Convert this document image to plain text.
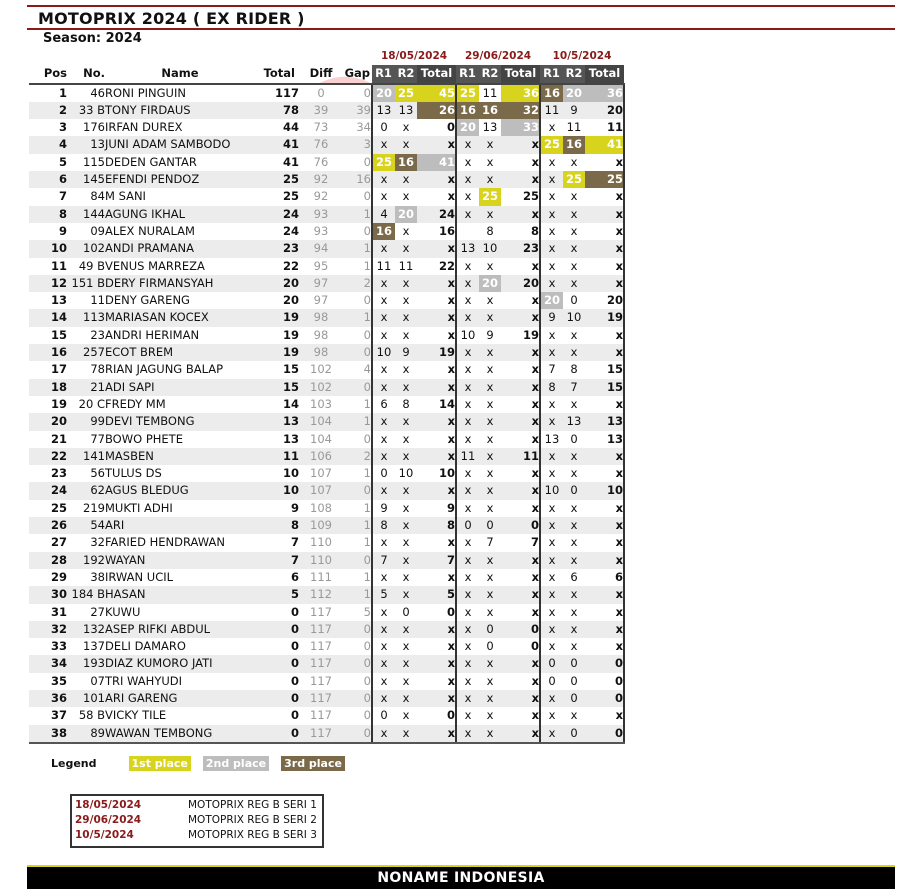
MOTOPRIX 2024 ( EX RIDER )
Season: 2024
						18/05/2024			29/06/2024			10/5/2024		
Pos	No.	Name	Total	Diff	Gap	R1	R2	Total	R1	R2	Total	R1	R2	Total
1	46	RONI PINGUIN	117	0	0	20	25	45	25	11	36	16	20	36
2	33 B	TONY FIRDAUS	78	39	39	13	13	26	16	16	32	11	9	20
3	176	IRFAN DUREX	44	73	34	0	x	0	20	13	33	x	11	11
4	13	JUNI ADAM SAMBODO	41	76	3	x	x	x	x	x	x	25	16	41
5	115	DEDEN GANTAR	41	76	0	25	16	41	x	x	x	x	x	x
6	145	EFENDI PENDOZ	25	92	16	x	x	x	x	x	x	x	25	25
7	84	M SANI	25	92	0	x	x	x	x	25	25	x	x	x
8	144	AGUNG IKHAL	24	93	1	4	20	24	x	x	x	x	x	x
9	09	ALEX NURALAM	24	93	0	16	x	16		8	8	x	x	x
10	102	ANDI PRAMANA	23	94	1	x	x	x	13	10	23	x	x	x
11	49 B	VENUS MARREZA	22	95	1	11	11	22	x	x	x	x	x	x
12	151 B	DERY FIRMANSYAH	20	97	2	x	x	x	x	20	20	x	x	x
13	11	DENY GARENG	20	97	0	x	x	x	x	x	x	20	0	20
14	113	MARIASAN KOCEX	19	98	1	x	x	x	x	x	x	9	10	19
15	23	ANDRI HERIMAN	19	98	0	x	x	x	10	9	19	x	x	x
16	257	ECOT BREM	19	98	0	10	9	19	x	x	x	x	x	x
17	78	RIAN JAGUNG BALAP	15	102	4	x	x	x	x	x	x	7	8	15
18	21	ADI SAPI	15	102	0	x	x	x	x	x	x	8	7	15
19	20 C	FREDY MM	14	103	1	6	8	14	x	x	x	x	x	x
20	99	DEVI TEMBONG	13	104	1	x	x	x	x	x	x	x	13	13
21	77	BOWO PHETE	13	104	0	x	x	x	x	x	x	13	0	13
22	141	MASBEN	11	106	2	x	x	x	11	x	11	x	x	x
23	56	TULUS DS	10	107	1	0	10	10	x	x	x	x	x	x
24	62	AGUS BLEDUG	10	107	0	x	x	x	x	x	x	10	0	10
25	219	MUKTI ADHI	9	108	1	9	x	9	x	x	x	x	x	x
26	54	ARI	8	109	1	8	x	8	0	0	0	x	x	x
27	32	FARIED HENDRAWAN	7	110	1	x	x	x	x	7	7	x	x	x
28	192	WAYAN	7	110	0	7	x	7	x	x	x	x	x	x
29	38	IRWAN UCIL	6	111	1	x	x	x	x	x	x	x	6	6
30	184 B	HASAN	5	112	1	5	x	5	x	x	x	x	x	x
31	27	KUWU	0	117	5	x	0	0	x	x	x	x	x	x
32	132	ASEP RIFKI ABDUL	0	117	0	x	x	x	x	0	0	x	x	x
33	137	DELI DAMARO	0	117	0	x	x	x	x	0	0	x	x	x
34	193	DIAZ KUMORO JATI	0	117	0	x	x	x	x	x	x	0	0	0
35	07	TRI WAHYUDI	0	117	0	x	x	x	x	x	x	0	0	0
36	101	ARI GARENG	0	117	0	x	x	x	x	x	x	x	0	0
37	58 B	VICKY TILE	0	117	0	0	x	0	x	x	x	x	x	x
38	89	WAWAN TEMBONG	0	117	0	x	x	x	x	x	x	x	0	0
Legend	1st place 2nd place 3rd place
18/05/2024	MOTOPRIX REG B SERI 1
29/06/2024	MOTOPRIX REG B SERI 2
10/5/2024	MOTOPRIX REG B SERI 3
NONAME INDONESIA
